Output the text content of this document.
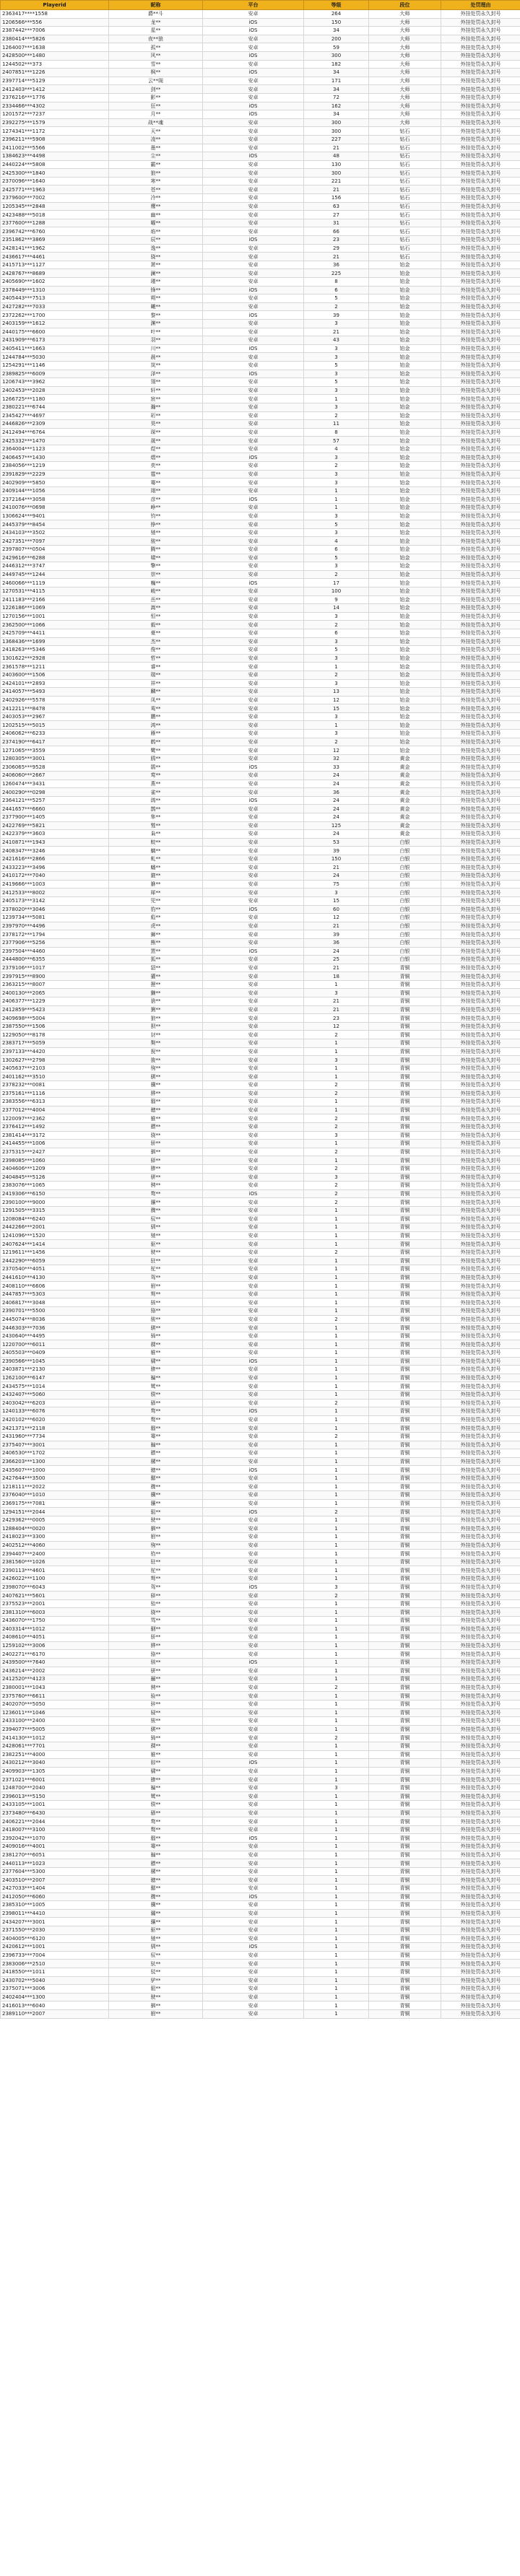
Playerid	昵称	平台	等级	段位	处罚理由
2363417****1558	爵**斗	安卓	264	大师	外挂处罚永久封号
1206566***556	龙**	iOS	150	大师	外挂处罚永久封号
2387442***7006	星**	iOS	34	大师	外挂处罚永久封号
2380414***5826	夜**狼	安卓	200	大师	外挂处罚永久封号
1264007***1638	孤**	安卓	59	大师	外挂处罚永久封号
2428500***1480	风**	iOS	300	大师	外挂处罚永久封号
1244502***373	雪**	安卓	182	大师	外挂处罚永久封号
2407851***1226	枫**	iOS	34	大师	外挂处罚永久封号
2397714***5129	云**阁	安卓	171	大师	外挂处罚永久封号
2412403***1412	剑**	安卓	34	大师	外挂处罚永久封号
2376216***1776	影**	安卓	72	大师	外挂处罚永久封号
2334466***4302	狂**	iOS	162	大师	外挂处罚永久封号
1201572***7237	月**	iOS	34	大师	外挂处罚永久封号
2392275***1579	战**魂	安卓	300	大师	外挂处罚永久封号
1274341***1172	天**	安卓	300	钻石	外挂处罚永久封号
2396211***5908	凌**	安卓	227	钻石	外挂处罚永久封号
2411002***5566	墨**	安卓	21	钻石	外挂处罚永久封号
1384623***4498	尘**	iOS	48	钻石	外挂处罚永久封号
2440224***5808	霸**	安卓	130	钻石	外挂处罚永久封号
2425300***1840	狼**	安卓	300	钻石	外挂处罚永久封号
2370096***1640	寒**	安卓	221	钻石	外挂处罚永久封号
2425771***1963	苍**	安卓	21	钻石	外挂处罚永久封号
2379600***7002	冷**	安卓	156	钻石	外挂处罚永久封号
1205345***2848	鹰**	安卓	63	钻石	外挂处罚永久封号
2423488***5018	幽**	安卓	27	钻石	外挂处罚永久封号
2377600***1288	曜**	安卓	31	钻石	外挂处罚永久封号
2396742***6760	焰**	安卓	66	钻石	外挂处罚永久封号
2351862***3869	辰**	iOS	23	钻石	外挂处罚永久封号
2428141***1962	逸**	安卓	29	钻石	外挂处罚永久封号
2436617***4461	骁**	安卓	21	钻石	外挂处罚永久封号
2415713***1127	萧**	安卓	36	铂金	外挂处罚永久封号
2428767***8689	澜**	安卓	225	铂金	外挂处罚永久封号
2405690***1602	瑾**	安卓	8	铂金	外挂处罚永久封号
2378449***1310	锋**	iOS	6	铂金	外挂处罚永久封号
2405443***7513	朔**	安卓	5	铂金	外挂处罚永久封号
2427282***7033	曦**	安卓	2	铂金	外挂处罚永久封号
2372262***1700	黎**	iOS	39	铂金	外挂处罚永久封号
2403159***1612	渊**	安卓	3	铂金	外挂处罚永久封号
2440175***6600	叶**	安卓	21	铂金	外挂处罚永久封号
2431909***6173	羽**	安卓	43	铂金	外挂处罚永久封号
2405411***1663	川**	iOS	3	铂金	外挂处罚永久封号
1244784***5030	晨**	安卓	3	铂金	外挂处罚永久封号
1254291***1146	岚**	安卓	5	铂金	外挂处罚永久封号
2389825***6009	泽**	iOS	3	铂金	外挂处罚永久封号
1206743***3962	翎**	安卓	5	铂金	外挂处罚永久封号
2402453***2028	轩**	安卓	3	铂金	外挂处罚永久封号
1266725***1180	宸**	安卓	1	铂金	外挂处罚永久封号
2380221***6744	瀚**	安卓	3	铂金	外挂处罚永久封号
2345427***4697	珩**	安卓	2	铂金	外挂处罚永久封号
2446826***2309	昊**	安卓	11	铂金	外挂处罚永久封号
2412494***6764	琛**	安卓	8	铂金	外挂处罚永久封号
2425332***1470	晟**	安卓	57	铂金	外挂处罚永久封号
2364004***1123	煜**	安卓	4	铂金	外挂处罚永久封号
2406457***1430	熠**	iOS	3	铂金	外挂处罚永久封号
2384056***1219	奕**	安卓	2	铂金	外挂处罚永久封号
2391829***2229	霆**	安卓	3	铂金	外挂处罚永久封号
2402909***5850	骞**	安卓	3	铂金	外挂处罚永久封号
2409144***1056	翊**	安卓	1	铂金	外挂处罚永久封号
2372164***3058	彦**	iOS	1	铂金	外挂处罚永久封号
2410076***0698	峥**	安卓	1	铂金	外挂处罚永久封号
1306624***9401	钧**	安卓	3	铂金	外挂处罚永久封号
2445379***8454	铮**	安卓	5	铂金	外挂处罚永久封号
2434103***3502	驰**	安卓	3	铂金	外挂处罚永久封号
2427351***7097	骏**	安卓	4	铂金	外挂处罚永久封号
2397807***0504	腾**	安卓	6	铂金	外挂处罚永久封号
2429616***6288	啸**	安卓	5	铂金	外挂处罚永久封号
2446312***3747	擎**	安卓	3	铂金	外挂处罚永久封号
2449745***1244	崇**	安卓	2	铂金	外挂处罚永久封号
2460066***1119	巍**	iOS	17	铂金	外挂处罚永久封号
1270531***4115	峻**	安卓	100	铂金	外挂处罚永久封号
2411183***2166	岳**	安卓	9	铂金	外挂处罚永久封号
1226186***1069	嵩**	安卓	14	铂金	外挂处罚永久封号
1270156***1001	恒**	安卓	3	铂金	外挂处罚永久封号
2362500***1066	毅**	安卓	2	铂金	外挂处罚永久封号
2425709***4411	豪**	安卓	6	铂金	外挂处罚永久封号
1368436***1699	杰**	安卓	3	铂金	外挂处罚永久封号
2418263***5346	俊**	安卓	5	铂金	外挂处罚永久封号
1301622***2928	哲**	安卓	3	铂金	外挂处罚永久封号
2361578***1211	睿**	安卓	1	铂金	外挂处罚永久封号
2403600***1506	瑞**	安卓	2	铂金	外挂处罚永久封号
2424101***2893	祥**	安卓	3	铂金	外挂处罚永久封号
2414057***5493	麟**	安卓	13	铂金	外挂处罚永久封号
2402926***5578	凤**	安卓	12	铂金	外挂处罚永久封号
2412211***8478	鸾**	安卓	15	铂金	外挂处罚永久封号
2403053***2967	鹏**	安卓	3	铂金	外挂处罚永久封号
1202515***5015	鸿**	安卓	1	铂金	外挂处罚永久封号
2406062***6233	雁**	安卓	3	铂金	外挂处罚永久封号
2374190***6417	鹤**	安卓	2	铂金	外挂处罚永久封号
1271065***3559	鹭**	安卓	12	铂金	外挂处罚永久封号
1280305***3001	鸥**	安卓	32	黄金	外挂处罚永久封号
2306065***9528	鹃**	iOS	33	黄金	外挂处罚永久封号
2406060***2667	莺**	安卓	24	黄金	外挂处罚永久封号
1260474***3431	燕**	安卓	24	黄金	外挂处罚永久封号
2400290***0298	雀**	安卓	36	黄金	外挂处罚永久封号
2364121***5257	鸽**	iOS	24	黄金	外挂处罚永久封号
2441657***6660	鹊**	安卓	24	黄金	外挂处罚永久封号
2377900***1405	隼**	安卓	24	黄金	外挂处罚永久封号
2422769***5821	鹫**	安卓	125	黄金	外挂处罚永久封号
2422379***3603	枭**	安卓	24	黄金	外挂处罚永久封号
2410871***1943	蛟**	安卓	53	白银	外挂处罚永久封号
2408347***3246	螭**	安卓	39	白银	外挂处罚永久封号
2421616***2866	虬**	安卓	150	白银	外挂处罚永久封号
2433223***3496	蟠**	安卓	21	白银	外挂处罚永久封号
2410172***7040	貔**	安卓	24	白银	外挂处罚永久封号
2419666***1003	貅**	安卓	75	白银	外挂处罚永久封号
2412533***8002	犀**	安卓	3	白银	外挂处罚永久封号
2405173***3142	兕**	安卓	15	白银	外挂处罚永久封号
2378020***3046	豹**	iOS	60	白银	外挂处罚永久封号
1239734***5081	彪**	安卓	12	白银	外挂处罚永久封号
2397970***4496	虎**	安卓	21	白银	外挂处罚永久封号
2378172***1794	狮**	安卓	39	白银	外挂处罚永久封号
2377906***5256	熊**	安卓	36	白银	外挂处罚永久封号
2397504***4460	罴**	iOS	24	白银	外挂处罚永久封号
2444800***6355	狐**	安卓	25	白银	外挂处罚永久封号
2379106***1017	貂**	安卓	21	青铜	外挂处罚永久封号
2397915***8900	獾**	安卓	18	青铜	外挂处罚永久封号
2363215***8007	狸**	安卓	1	青铜	外挂处罚永久封号
2400130***2065	獭**	安卓	3	青铜	外挂处罚永久封号
2406377***1229	猞**	安卓	21	青铜	外挂处罚永久封号
2412859***5423	猁**	安卓	21	青铜	外挂处罚永久封号
2409698***5004	狼**	安卓	23	青铜	外挂处罚永久封号
2387550***1506	狈**	安卓	12	青铜	外挂处罚永久封号
1229050***8178	豺**	安卓	2	青铜	外挂处罚永久封号
2383717***5059	獒**	安卓	1	青铜	外挂处罚永久封号
2397133***4420	猊**	安卓	1	青铜	外挂处罚永久封号
1302627***2798	狻**	安卓	3	青铜	外挂处罚永久封号
2405637***2103	驹**	安卓	1	青铜	外挂处罚永久封号
2401162***3510	骐**	安卓	1	青铜	外挂处罚永久封号
2378232***0081	骥**	安卓	2	青铜	外挂处罚永久封号
2375161***1116	骅**	安卓	2	青铜	外挂处罚永久封号
2383556***6313	骝**	安卓	1	青铜	外挂处罚永久封号
2377012***4004	骢**	安卓	1	青铜	外挂处罚永久封号
1220097***2362	骓**	安卓	2	青铜	外挂处罚永久封号
2376412***1492	骠**	安卓	2	青铜	外挂处罚永久封号
2381414***3172	骁**	安卓	3	青铜	外挂处罚永久封号
2414455***1006	骄**	安卓	1	青铜	外挂处罚永久封号
2375315***2427	驷**	安卓	2	青铜	外挂处罚永久封号
2398085***1060	驿**	安卓	1	青铜	外挂处罚永久封号
2404606***1209	骖**	安卓	2	青铜	外挂处罚永久封号
2404845***5126	骈**	安卓	3	青铜	外挂处罚永久封号
2383076***1065	骋**	安卓	2	青铜	外挂处罚永久封号
2419306***6150	骛**	iOS	2	青铜	外挂处罚永久封号
2390100***9000	骧**	安卓	2	青铜	外挂处罚永久封号
1291505***3315	骤**	安卓	1	青铜	外挂处罚永久封号
1208084***6240	驭**	安卓	1	青铜	外挂处罚永久封号
2442266***2001	驯**	安卓	1	青铜	外挂处罚永久封号
1241096***1520	驰**	安卓	1	青铜	外挂处罚永久封号
2407624***1414	驱**	安卓	1	青铜	外挂处罚永久封号
1219611***1456	驶**	安卓	2	青铜	外挂处罚永久封号
2442290***6059	驻**	安卓	1	青铜	外挂处罚永久封号
2370540***4051	驼**	安卓	1	青铜	外挂处罚永久封号
2441610***4130	驾**	安卓	1	青铜	外挂处罚永久封号
2408110***6606	驸**	安卓	1	青铜	外挂处罚永久封号
2447857***5303	驽**	安卓	1	青铜	外挂处罚永久封号
2406817***3048	骇**	安卓	1	青铜	外挂处罚永久封号
2390701***5500	骆**	安卓	1	青铜	外挂处罚永久封号
2445074***8036	骏**	安卓	2	青铜	外挂处罚永久封号
2446303***7036	骐**	安卓	1	青铜	外挂处罚永久封号
2430640***4495	骑**	安卓	1	青铜	外挂处罚永久封号
1220700***6011	骒**	安卓	1	青铜	外挂处罚永久封号
2405503***0409	骓**	安卓	1	青铜	外挂处罚永久封号
2390566***1045	骕**	iOS	1	青铜	外挂处罚永久封号
2403871***2130	骖**	安卓	1	青铜	外挂处罚永久封号
1262100***6147	骗**	安卓	1	青铜	外挂处罚永久封号
2434575***1014	骘**	安卓	1	青铜	外挂处罚永久封号
2432407***5060	骙**	安卓	1	青铜	外挂处罚永久封号
2403042***6203	骚**	安卓	2	青铜	外挂处罚永久封号
1240133***6076	骛**	iOS	1	青铜	外挂处罚永久封号
2420102***6020	骜**	安卓	1	青铜	外挂处罚永久封号
2421371***2118	骝**	安卓	1	青铜	外挂处罚永久封号
2431960***7734	骞**	安卓	2	青铜	外挂处罚永久封号
2375407***3001	骟**	安卓	1	青铜	外挂处罚永久封号
2406530***1702	骠**	安卓	1	青铜	外挂处罚永久封号
2366203***1300	骡**	安卓	1	青铜	外挂处罚永久封号
2435607***1000	骢**	iOS	1	青铜	外挂处罚永久封号
2427644***3500	骣**	安卓	1	青铜	外挂处罚永久封号
1218111***2022	骤**	安卓	1	青铜	外挂处罚永久封号
2376040***1010	骥**	安卓	1	青铜	外挂处罚永久封号
2369175***7081	骧**	安卓	1	青铜	外挂处罚永久封号
1294151***2044	驵**	iOS	2	青铜	外挂处罚永久封号
2429362***0005	驶**	安卓	1	青铜	外挂处罚永久封号
1288404***0020	驷**	安卓	1	青铜	外挂处罚永久封号
2418023***3300	驸**	安卓	1	青铜	外挂处罚永久封号
2402512***4060	驹**	安卓	1	青铜	外挂处罚永久封号
2394407***2400	驺**	安卓	1	青铜	外挂处罚永久封号
2381560***1026	驻**	安卓	1	青铜	外挂处罚永久封号
2390113***4601	驼**	安卓	1	青铜	外挂处罚永久封号
2426022***1100	驽**	安卓	1	青铜	外挂处罚永久封号
2398070***6043	驾**	iOS	3	青铜	外挂处罚永久封号
2407621***5601	驿**	安卓	2	青铜	外挂处罚永久封号
2375523***2001	骀**	安卓	1	青铜	外挂处罚永久封号
2381310***6003	骁**	安卓	1	青铜	外挂处罚永久封号
2436070***1750	骂**	安卓	1	青铜	外挂处罚永久封号
2403314***1012	骃**	安卓	1	青铜	外挂处罚永久封号
2408610***4051	骄**	安卓	1	青铜	外挂处罚永久封号
1259102***3006	骅**	安卓	1	青铜	外挂处罚永久封号
2402271***6170	骆**	安卓	1	青铜	外挂处罚永久封号
2439500***7640	骇**	iOS	1	青铜	外挂处罚永久封号
2436214***2002	骈**	安卓	1	青铜	外挂处罚永久封号
2412520***4123	骊**	安卓	1	青铜	外挂处罚永久封号
2380001***1043	骋**	安卓	2	青铜	外挂处罚永久封号
2375760***6611	验**	安卓	1	青铜	外挂处罚永久封号
2402070***5050	骍**	安卓	1	青铜	外挂处罚永久封号
1236011***1046	骎**	安卓	1	青铜	外挂处罚永久封号
2433100***2400	骏**	安卓	1	青铜	外挂处罚永久封号
2394077***5005	骐**	安卓	1	青铜	外挂处罚永久封号
2414130***1012	骑**	安卓	2	青铜	外挂处罚永久封号
2428061***7701	骒**	安卓	1	青铜	外挂处罚永久封号
2382251***4000	骓**	安卓	1	青铜	外挂处罚永久封号
2430212***3040	骔**	iOS	1	青铜	外挂处罚永久封号
2409903***1305	骕**	安卓	1	青铜	外挂处罚永久封号
2371021***6001	骖**	安卓	1	青铜	外挂处罚永久封号
1248700***2040	骗**	安卓	3	青铜	外挂处罚永久封号
2396013***5150	骘**	安卓	1	青铜	外挂处罚永久封号
2433105***1001	骙**	安卓	1	青铜	外挂处罚永久封号
2373480***6430	骚**	安卓	1	青铜	外挂处罚永久封号
2406221***2044	骛**	安卓	1	青铜	外挂处罚永久封号
2418007***3100	骜**	安卓	1	青铜	外挂处罚永久封号
2392042***1070	骝**	iOS	1	青铜	外挂处罚永久封号
2409016***4001	骞**	安卓	1	青铜	外挂处罚永久封号
2381270***6051	骟**	安卓	1	青铜	外挂处罚永久封号
2440113***1023	骠**	安卓	1	青铜	外挂处罚永久封号
2377604***5300	骡**	安卓	1	青铜	外挂处罚永久封号
2403510***2007	骢**	安卓	1	青铜	外挂处罚永久封号
2427033***1404	骣**	安卓	1	青铜	外挂处罚永久封号
2412050***6060	骤**	iOS	1	青铜	外挂处罚永久封号
2385310***1005	骥**	安卓	1	青铜	外挂处罚永久封号
2398011***4410	骦**	安卓	1	青铜	外挂处罚永久封号
2434207***3001	骧**	安卓	1	青铜	外挂处罚永久封号
2371550***2030	驱**	安卓	1	青铜	外挂处罚永久封号
2404005***6120	驰**	安卓	1	青铜	外挂处罚永久封号
2420612***1001	驯**	iOS	1	青铜	外挂处罚永久封号
2396733***7004	驭**	安卓	1	青铜	外挂处罚永久封号
2383006***2510	驮**	安卓	1	青铜	外挂处罚永久封号
2418550***1011	驳**	安卓	1	青铜	外挂处罚永久封号
2430702***5040	驴**	安卓	1	青铜	外挂处罚永久封号
2375071***3006	驵**	安卓	1	青铜	外挂处罚永久封号
2402404***1300	驶**	安卓	1	青铜	外挂处罚永久封号
2416013***6040	驷**	安卓	1	青铜	外挂处罚永久封号
2389110***2007	驸**	安卓	1	青铜	外挂处罚永久封号
